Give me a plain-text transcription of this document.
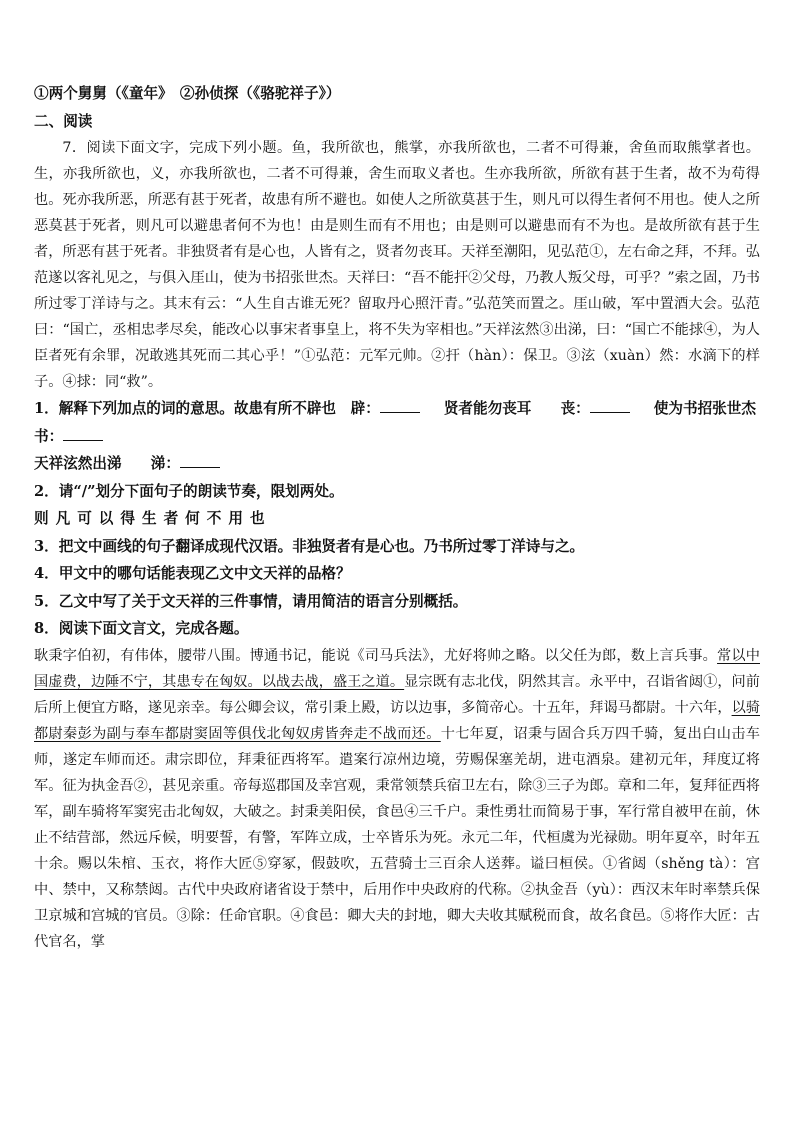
①两个舅舅（《童年》　②孙侦探（《骆驼祥子》）

二、阅读

7．阅读下面文字，完成下列小题。鱼，我所欲也，熊掌，亦我所欲也，二者不可得兼，舍鱼而取熊掌者也。生，亦我所欲也，义，亦我所欲也，二者不可得兼，舍生而取义者也。生亦我所欲，所欲有甚于生者，故不为苟得也。死亦我所恶，所恶有甚于死者，故患有所不避也。如使人之所欲莫甚于生，则凡可以得生者何不用也。使人之所恶莫甚于死者，则凡可以避患者何不为也！由是则生而有不用也；由是则可以避患而有不为也。是故所欲有甚于生者，所恶有甚于死者。非独贤者有是心也，人皆有之，贤者勿丧耳。天祥至潮阳，见弘范①，左右命之拜，不拜。弘范遂以客礼见之，与俱入厓山，使为书招张世杰。天祥曰：“吾不能扞②父母，乃教人叛父母，可乎？”索之固，乃书所过零丁洋诗与之。其末有云：“人生自古谁无死？留取丹心照汗青。”弘范笑而置之。厓山破，军中置酒大会。弘范曰：“国亡，丞相忠孝尽矣，能改心以事宋者事皇上，将不失为宰相也。”天祥泫然③出涕，曰：“国亡不能捄④，为人臣者死有余罪，况敢逃其死而二其心乎！”①弘范：元军元帅。②扞（hàn）：保卫。③泫（xuàn）然：水滴下的样子。④捄：同“救”。

1．解释下列加点的词的意思。故患有所不辟也　辟：	贤者能勿丧耳　　丧：	使为书招张世杰　书：
天祥泫然出涕　　涕：

2．请“/”划分下面句子的朗读节奏，限划两处。

则凡可以得生者何不用也

3．把文中画线的句子翻译成现代汉语。非独贤者有是心也。乃书所过零丁洋诗与之。

4．甲文中的哪句话能表现乙文中文天祥的品格？

5．乙文中写了关于文天祥的三件事情，请用简洁的语言分别概括。

8．阅读下面文言文，完成各题。

耿秉字伯初，有伟体，腰带八围。博通书记，能说《司马兵法》，尤好将帅之略。以父任为郎，数上言兵事。常以中国虚费，边陲不宁，其患专在匈奴。以战去战，盛王之道。显宗既有志北伐，阴然其言。永平中，召诣省闼①，问前后所上便宜方略，遂见亲幸。每公卿会议，常引秉上殿，访以边事，多简帝心。十五年，拜谒马都尉。十六年，以骑都尉秦彭为副与奉车都尉窦固等俱伐北匈奴虏皆奔走不战而还。十七年夏，诏秉与固合兵万四千骑，复出白山击车师，遂定车师而还。肃宗即位，拜秉征西将军。遣案行凉州边境，劳赐保塞羌胡，进屯酒泉。建初元年，拜度辽将军。征为执金吾②，甚见亲重。帝每巡郡国及幸宫观，秉常领禁兵宿卫左右，除③三子为郎。章和二年，复拜征西将军，副车骑将军窦宪击北匈奴，大破之。封秉美阳侯，食邑④三千户。秉性勇壮而简易于事，军行常自被甲在前，休止不结营部，然远斥候，明要誓，有警，军阵立成，士卒皆乐为死。永元二年，代桓虞为光禄勋。明年夏卒，时年五十余。赐以朱棺、玉衣，将作大匠⑤穿冢，假鼓吹，五营骑士三百余人送葬。谥曰桓侯。①省闼（shěng tà）：宫中、禁中，又称禁闼。古代中央政府诸省设于禁中，后用作中央政府的代称。②执金吾（yù）：西汉末年时率禁兵保卫京城和宫城的官员。③除：任命官职。④食邑：卿大夫的封地，卿大夫收其赋税而食，故名食邑。⑤将作大匠：古代官名，掌
